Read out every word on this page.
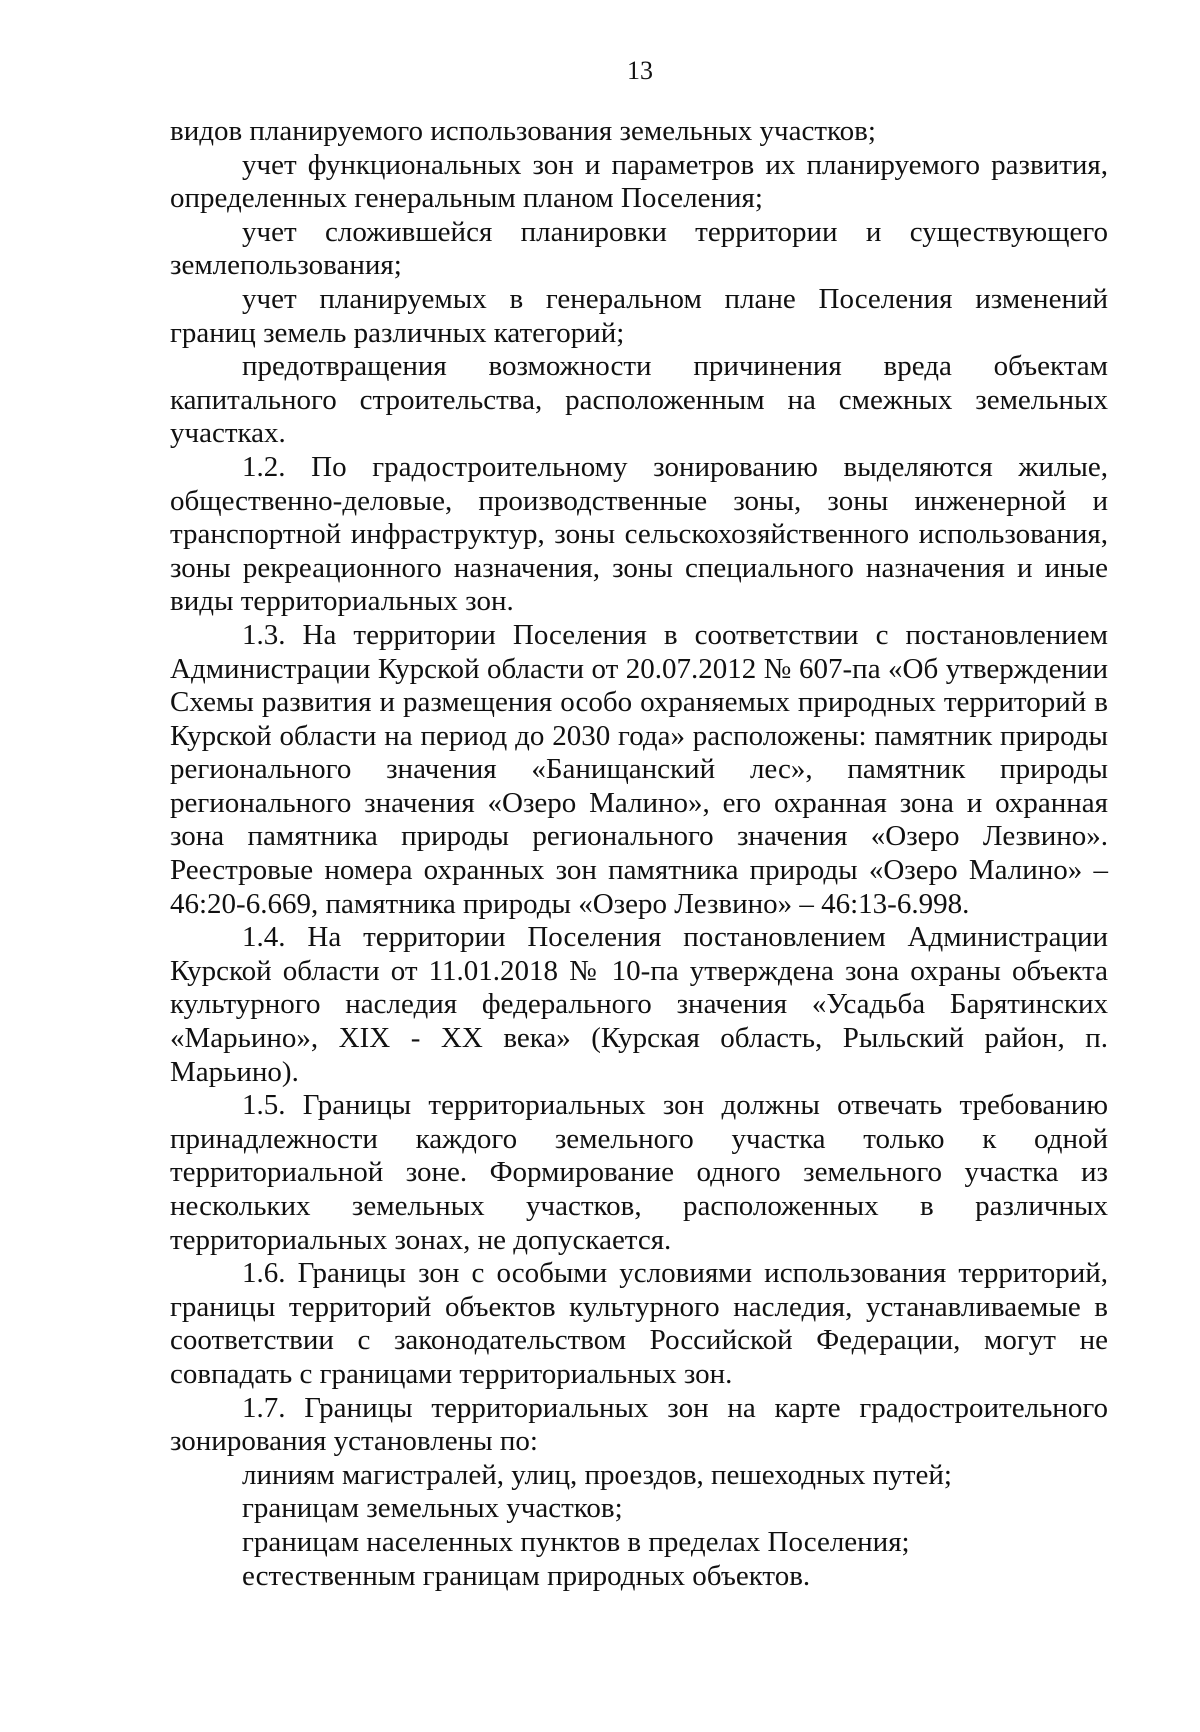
13

видов планируемого использования земельных участков;

учет функциональных зон и параметров их планируемого развития, определенных генеральным планом Поселения;

учет сложившейся планировки территории и существующего землепользования;

учет планируемых в генеральном плане Поселения изменений границ земель различных категорий;

предотвращения возможности причинения вреда объектам капитального строительства, расположенным на смежных земельных участках.

1.2. По градостроительному зонированию выделяются жилые, общественно-деловые, производственные зоны, зоны инженерной и транспортной инфраструктур, зоны сельскохозяйственного использования, зоны рекреационного назначения, зоны специального назначения и иные виды территориальных зон.

1.3. На территории Поселения в соответствии с постановлением Администрации Курской области от 20.07.2012 № 607-па «Об утверждении Схемы развития и размещения особо охраняемых природных территорий в Курской области на период до 2030 года» расположены: памятник природы регионального значения «Банищанский лес», памятник природы регионального значения «Озеро Малино», его охранная зона и охранная зона памятника природы регионального значения «Озеро Лезвино». Реестровые номера охранных зон памятника природы «Озеро Малино» – 46:20-6.669, памятника природы «Озеро Лезвино» – 46:13-6.998.

1.4. На территории Поселения постановлением Администрации Курской области от 11.01.2018 № 10-па утверждена зона охраны объекта культурного наследия федерального значения «Усадьба Барятинских «Марьино», XIX - XX века» (Курская область, Рыльский район, п. Марьино).

1.5. Границы территориальных зон должны отвечать требованию принадлежности каждого земельного участка только к одной территориальной зоне. Формирование одного земельного участка из нескольких земельных участков, расположенных в различных территориальных зонах, не допускается.

1.6. Границы зон с особыми условиями использования территорий, границы территорий объектов культурного наследия, устанавливаемые в соответствии с законодательством Российской Федерации, могут не совпадать с границами территориальных зон.

1.7. Границы территориальных зон на карте градостроительного зонирования установлены по:

линиям магистралей, улиц, проездов, пешеходных путей;

границам земельных участков;

границам населенных пунктов в пределах Поселения;

естественным границам природных объектов.
